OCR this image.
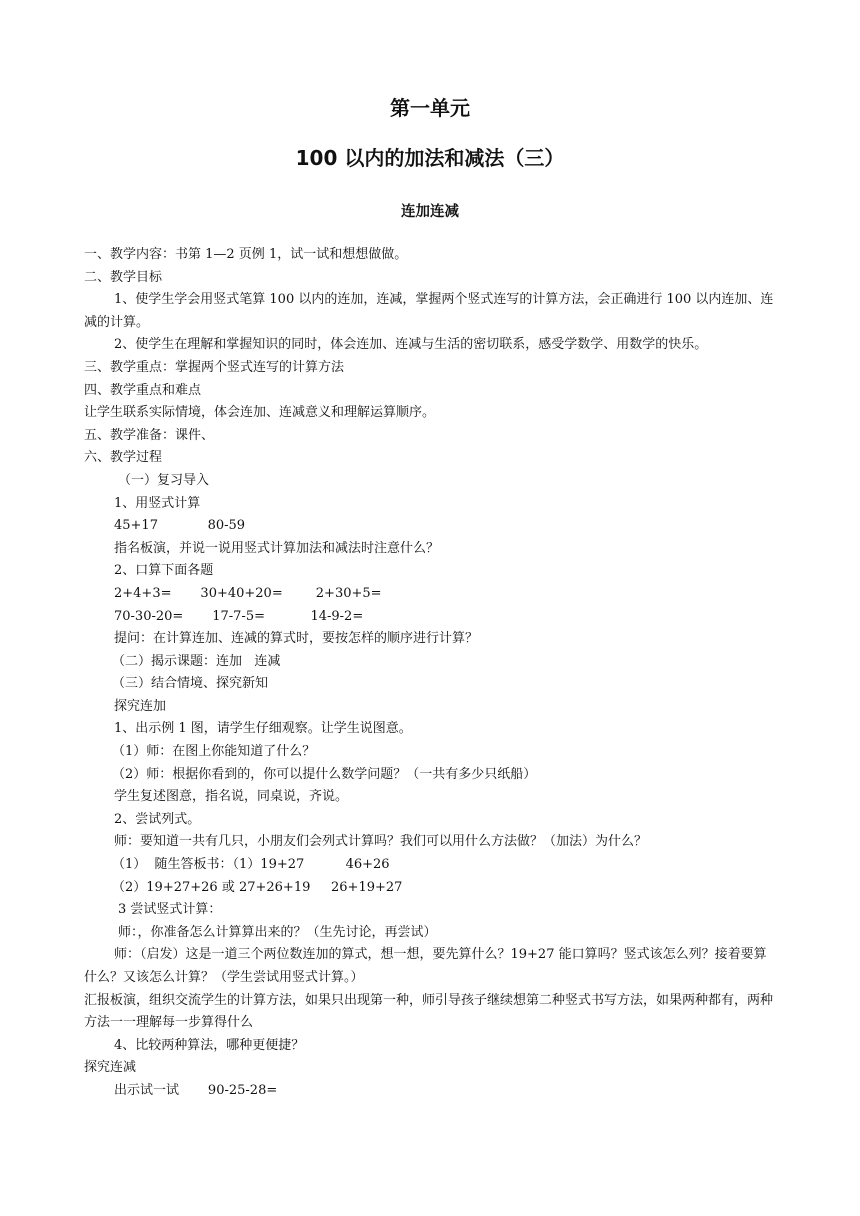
第一单元
100 以内的加法和减法（三）
连加连减

一、教学内容：书第 1—2 页例 1，试一试和想想做做。

二、教学目标

1、使学生学会用竖式笔算 100 以内的连加，连减，掌握两个竖式连写的计算方法，会正确进行 100 以内连加、连减的计算。

2、使学生在理解和掌握知识的同时，体会连加、连减与生活的密切联系，感受学数学、用数学的快乐。

三、教学重点：掌握两个竖式连写的计算方法

四、教学重点和难点

让学生联系实际情境，体会连加、连减意义和理解运算顺序。

五、教学准备：课件、

六、教学过程

（一）复习导入

1、用竖式计算

45+17            80-59

指名板演，并说一说用竖式计算加法和减法时注意什么？

2、口算下面各题

2+4+3=       30+40+20=        2+30+5=

70-30-20=       17-7-5=           14-9-2=

提问：在计算连加、连减的算式时，要按怎样的顺序进行计算？

（二）揭示课题：连加   连减

（三）结合情境、探究新知

探究连加

1、出示例 1 图，请学生仔细观察。让学生说图意。

（1）师：在图上你能知道了什么？

（2）师：根据你看到的，你可以提什么数学问题？（一共有多少只纸船）

学生复述图意，指名说，同桌说，齐说。

2、尝试列式。

师：要知道一共有几只，小朋友们会列式计算吗？我们可以用什么方法做？（加法）为什么？

（1）  随生答板书：（1）19+27          46+26

（2）19+27+26 或 27+26+19     26+19+27

3 尝试竖式计算：

师：，你准备怎么计算算出来的？（生先讨论，再尝试）

师：（启发）这是一道三个两位数连加的算式，想一想，要先算什么？19+27 能口算吗？竖式该怎么列？接着要算什么？又该怎么计算？（学生尝试用竖式计算。）

汇报板演，组织交流学生的计算方法，如果只出现第一种，师引导孩子继续想第二种竖式书写方法，如果两种都有，两种方法一一理解每一步算得什么

4、比较两种算法，哪种更便捷？

探究连减

出示试一试       90-25-28=
